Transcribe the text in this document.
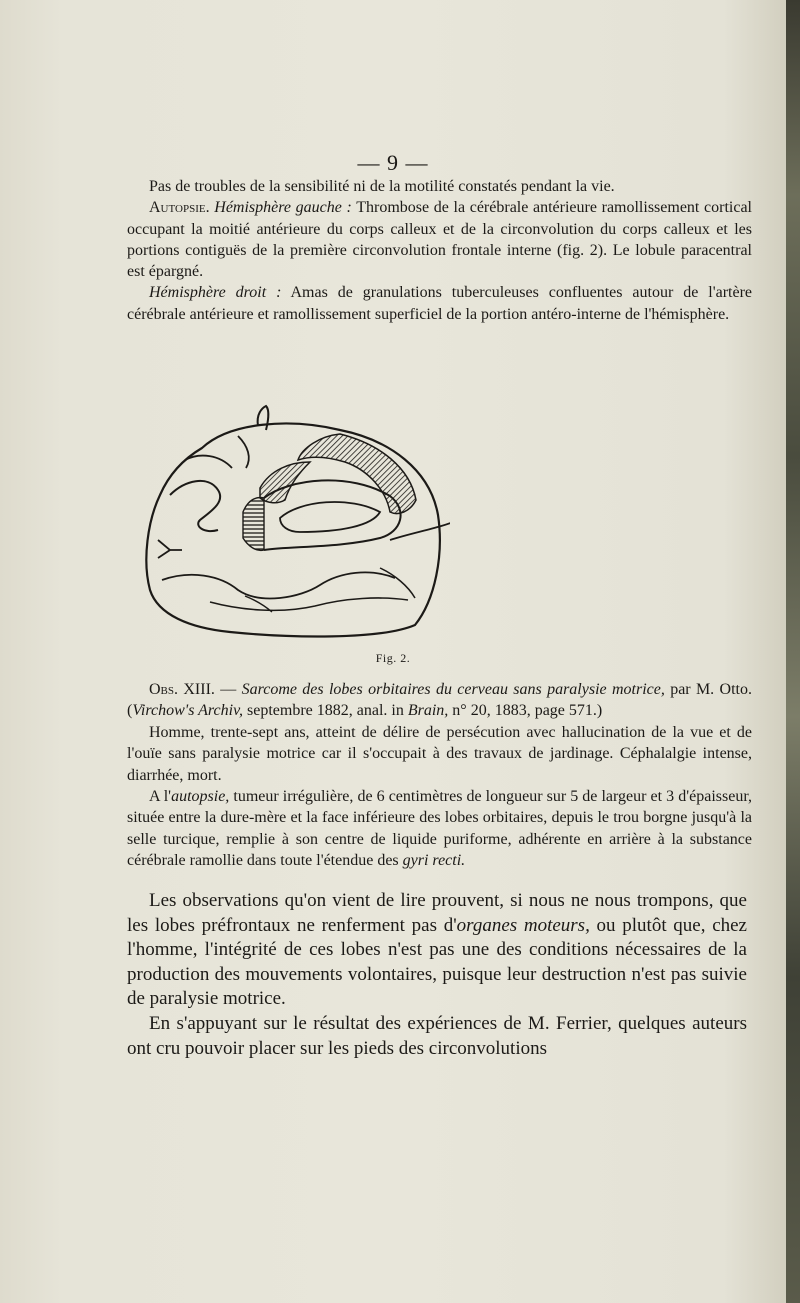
— 9 —

Pas de troubles de la sensibilité ni de la motilité constatés pendant la vie.

Autopsie. Hémisphère gauche : Thrombose de la cérébrale antérieure ramollissement cortical occupant la moitié antérieure du corps calleux et de la circonvolution du corps calleux et les portions contiguës de la première circonvolution frontale interne (fig. 2). Le lobule paracentral est épargné.

Hémisphère droit : Amas de granulations tuberculeuses confluentes autour de l'artère cérébrale antérieure et ramollissement superficiel de la portion antéro-interne de l'hémisphère.

Fig. 2.

Obs. XIII. — Sarcome des lobes orbitaires du cerveau sans paralysie motrice, par M. Otto. (Virchow's Archiv, septembre 1882, anal. in Brain, n° 20, 1883, page 571.)

Homme, trente-sept ans, atteint de délire de persécution avec hallucination de la vue et de l'ouïe sans paralysie motrice car il s'occupait à des travaux de jardinage. Céphalalgie intense, diarrhée, mort.

A l'autopsie, tumeur irrégulière, de 6 centimètres de longueur sur 5 de largeur et 3 d'épaisseur, située entre la dure-mère et la face inférieure des lobes orbitaires, depuis le trou borgne jusqu'à la selle turcique, remplie à son centre de liquide puriforme, adhérente en arrière à la substance cérébrale ramollie dans toute l'étendue des gyri recti.

Les observations qu'on vient de lire prouvent, si nous ne nous trompons, que les lobes préfrontaux ne renferment pas d'organes moteurs, ou plutôt que, chez l'homme, l'intégrité de ces lobes n'est pas une des conditions nécessaires de la production des mouvements volontaires, puisque leur destruction n'est pas suivie de paralysie motrice.

En s'appuyant sur le résultat des expériences de M. Ferrier, quelques auteurs ont cru pouvoir placer sur les pieds des circonvolutions
